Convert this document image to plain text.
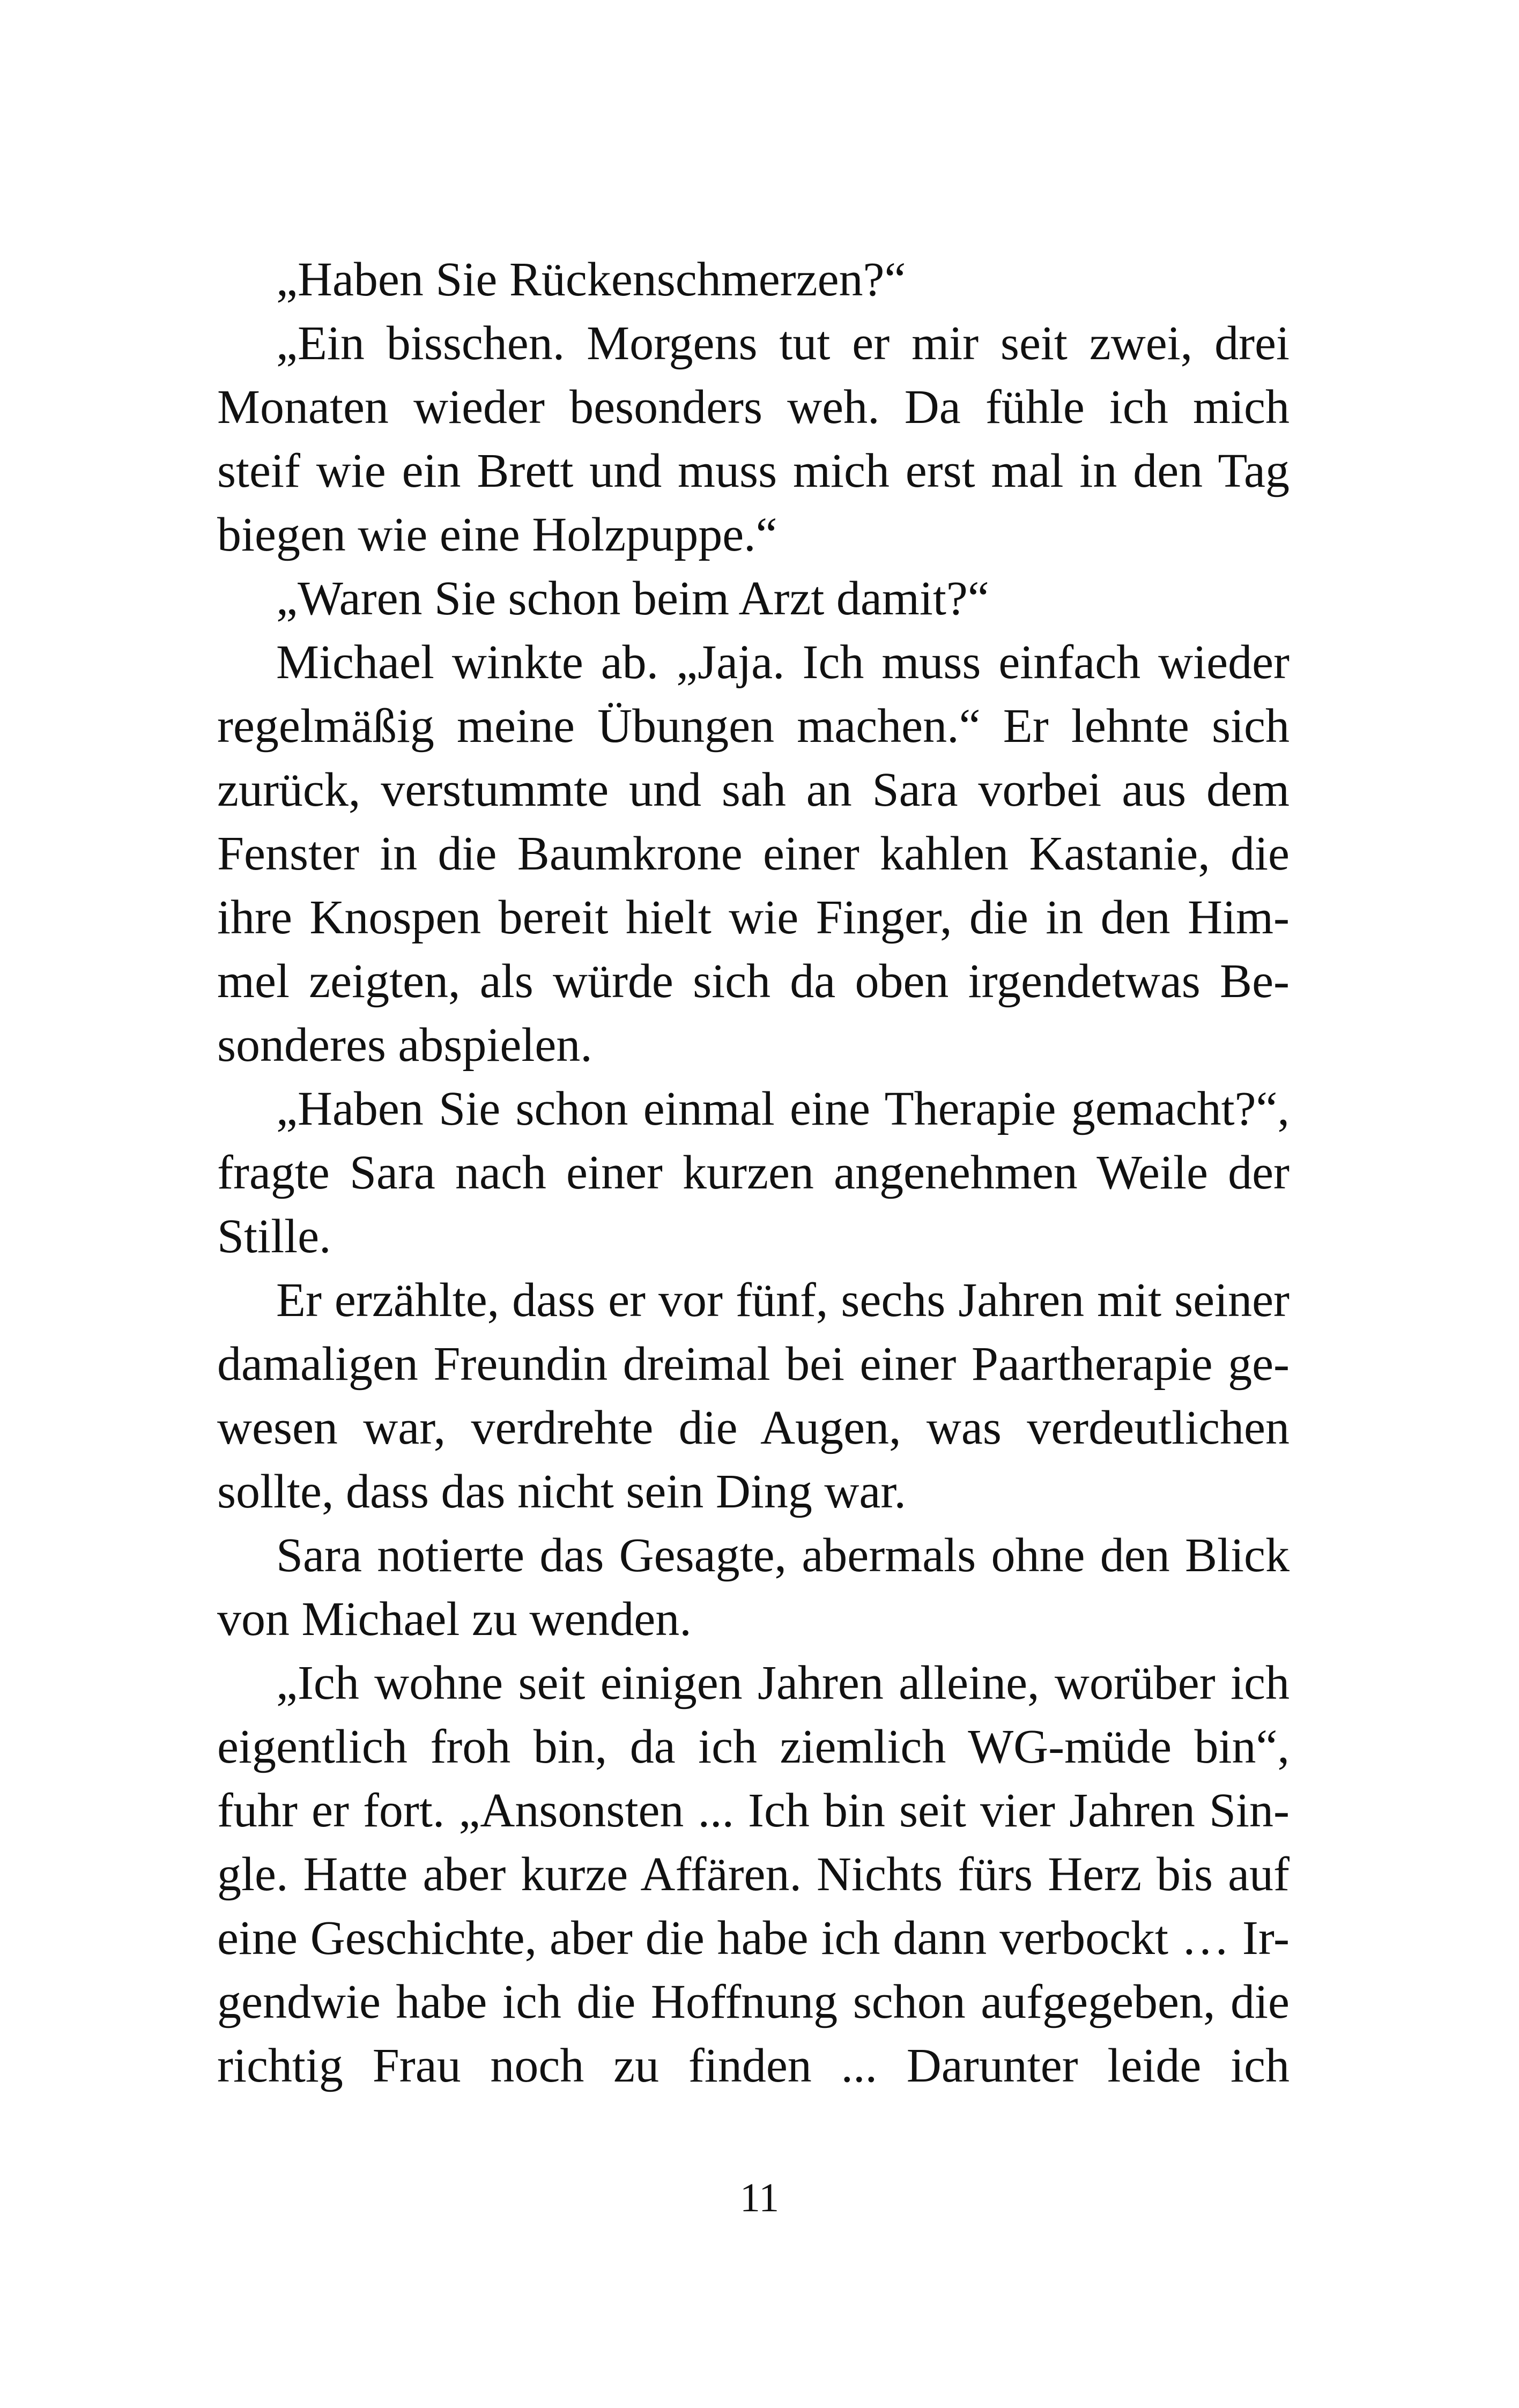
„Haben Sie Rückenschmerzen?“
„Ein bisschen. Morgens tut er mir seit zwei, drei
Monaten wieder besonders weh. Da fühle ich mich
steif wie ein Brett und muss mich erst mal in den Tag
biegen wie eine Holzpuppe.“
„Waren Sie schon beim Arzt damit?“
Michael winkte ab. „Jaja. Ich muss einfach wieder
regelmäßig meine Übungen machen.“ Er lehnte sich
zurück, verstummte und sah an Sara vorbei aus dem
Fenster in die Baumkrone einer kahlen Kastanie, die
ihre Knospen bereit hielt wie Finger, die in den Him-
mel zeigten, als würde sich da oben irgendetwas Be-
sonderes abspielen.
„Haben Sie schon einmal eine Therapie gemacht?“,
fragte Sara nach einer kurzen angenehmen Weile der
Stille.
Er erzählte, dass er vor fünf, sechs Jahren mit seiner
damaligen Freundin dreimal bei einer Paartherapie ge-
wesen war, verdrehte die Augen, was verdeutlichen
sollte, dass das nicht sein Ding war.
Sara notierte das Gesagte, abermals ohne den Blick
von Michael zu wenden.
„Ich wohne seit einigen Jahren alleine, worüber ich
eigentlich froh bin, da ich ziemlich WG-müde bin“,
fuhr er fort. „Ansonsten ... Ich bin seit vier Jahren Sin-
gle. Hatte aber kurze Affären. Nichts fürs Herz bis auf
eine Geschichte, aber die habe ich dann verbockt … Ir-
gendwie habe ich die Hoffnung schon aufgegeben, die
richtig Frau noch zu finden ... Darunter leide ich
11
